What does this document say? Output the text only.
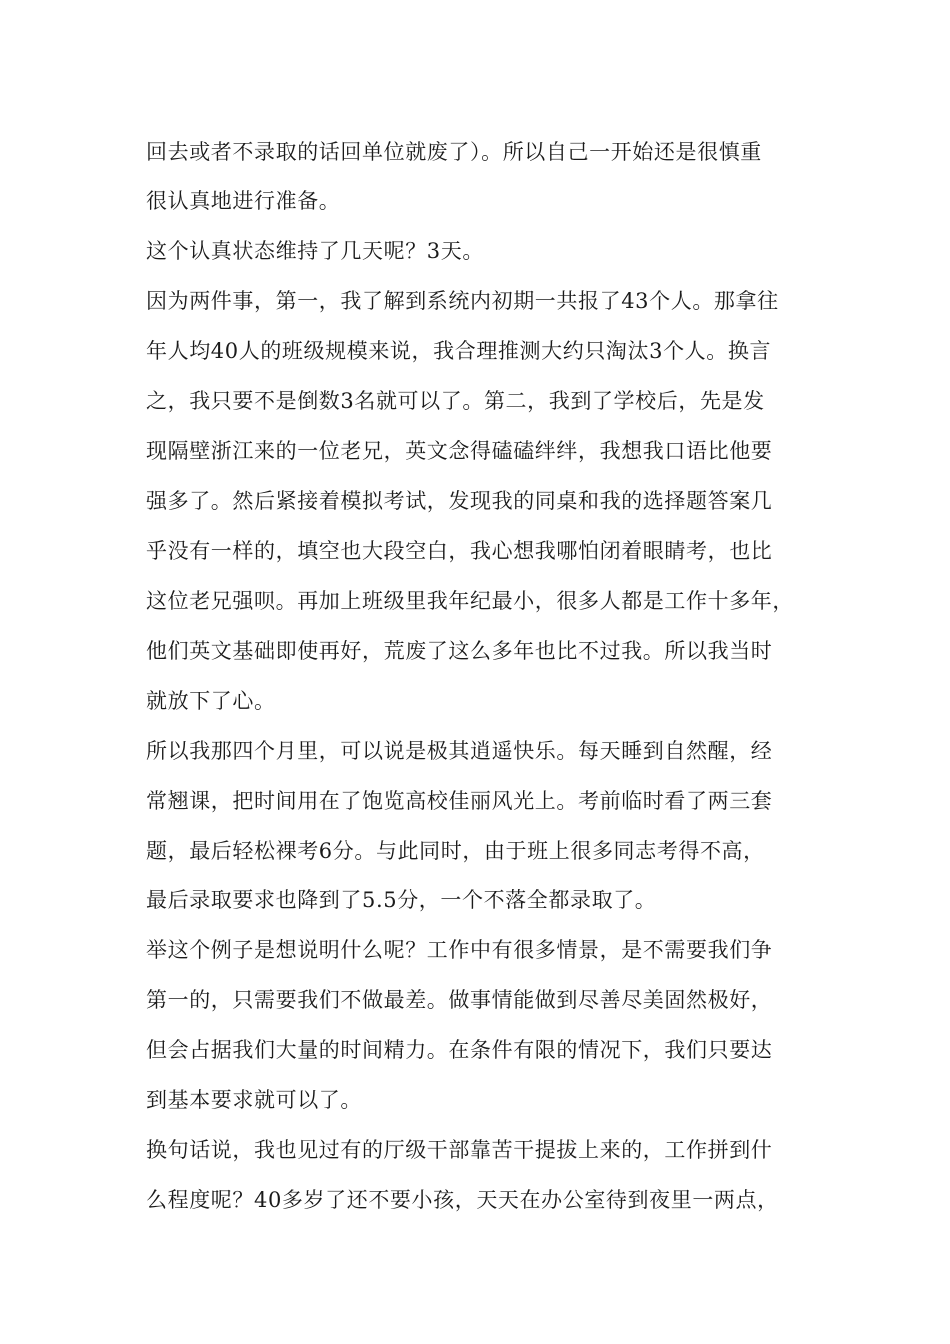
回去或者不录取的话回单位就废了）。所以自己一开始还是很慎重
很认真地进行准备。
这个认真状态维持了几天呢？3天。
因为两件事，第一，我了解到系统内初期一共报了43个人。那拿往
年人均40人的班级规模来说，我合理推测大约只淘汰3个人。换言
之，我只要不是倒数3名就可以了。第二，我到了学校后，先是发
现隔壁浙江来的一位老兄，英文念得磕磕绊绊，我想我口语比他要
强多了。然后紧接着模拟考试，发现我的同桌和我的选择题答案几
乎没有一样的，填空也大段空白，我心想我哪怕闭着眼睛考，也比
这位老兄强呗。再加上班级里我年纪最小，很多人都是工作十多年，
他们英文基础即使再好，荒废了这么多年也比不过我。所以我当时
就放下了心。
所以我那四个月里，可以说是极其逍遥快乐。每天睡到自然醒，经
常翘课，把时间用在了饱览高校佳丽风光上。考前临时看了两三套
题，最后轻松裸考6分。与此同时，由于班上很多同志考得不高，
最后录取要求也降到了5.5分，一个不落全都录取了。
举这个例子是想说明什么呢？工作中有很多情景，是不需要我们争
第一的，只需要我们不做最差。做事情能做到尽善尽美固然极好，
但会占据我们大量的时间精力。在条件有限的情况下，我们只要达
到基本要求就可以了。
换句话说，我也见过有的厅级干部靠苦干提拔上来的，工作拼到什
么程度呢？40多岁了还不要小孩，天天在办公室待到夜里一两点，
